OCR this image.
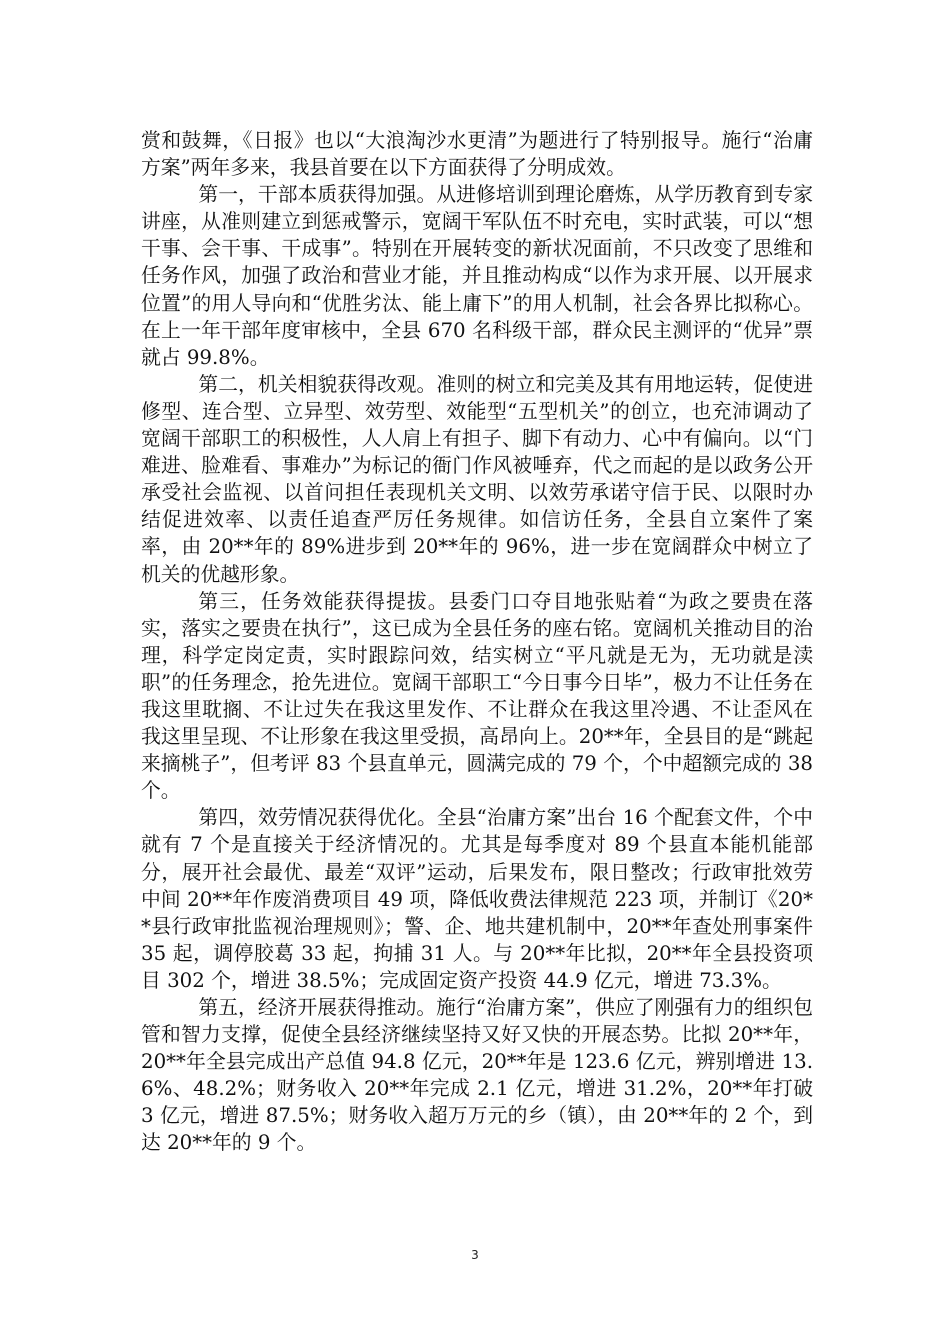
赏和鼓舞，《日报》也以“大浪淘沙水更清”为题进行了特别报导。施行“治庸方案”两年多来，我县首要在以下方面获得了分明成效。

第一，干部本质获得加强。从进修培训到理论磨炼，从学历教育到专家讲座，从准则建立到惩戒警示，宽阔干军队伍不时充电，实时武装，可以“想干事、会干事、干成事”。特别在开展转变的新状况面前，不只改变了思维和任务作风，加强了政治和营业才能，并且推动构成“以作为求开展、以开展求位置”的用人导向和“优胜劣汰、能上庸下”的用人机制，社会各界比拟称心。在上一年干部年度审核中，全县 670 名科级干部，群众民主测评的“优异”票就占 99.8%。

第二，机关相貌获得改观。准则的树立和完美及其有用地运转，促使进修型、连合型、立异型、效劳型、效能型“五型机关”的创立，也充沛调动了宽阔干部职工的积极性，人人肩上有担子、脚下有动力、心中有偏向。以“门难进、脸难看、事难办”为标记的衙门作风被唾弃，代之而起的是以政务公开承受社会监视、以首问担任表现机关文明、以效劳承诺守信于民、以限时办结促进效率、以责任追查严厉任务规律。如信访任务，全县自立案件了案率，由 20**年的 89%进步到 20**年的 96%，进一步在宽阔群众中树立了机关的优越形象。

第三，任务效能获得提拔。县委门口夺目地张贴着“为政之要贵在落实，落实之要贵在执行”，这已成为全县任务的座右铭。宽阔机关推动目的治理，科学定岗定责，实时跟踪问效，结实树立“平凡就是无为，无功就是渎职”的任务理念，抢先进位。宽阔干部职工“今日事今日毕”，极力不让任务在我这里耽搁、不让过失在我这里发作、不让群众在我这里冷遇、不让歪风在我这里呈现、不让形象在我这里受损，高昂向上。20**年，全县目的是“跳起来摘桃子”，但考评 83 个县直单元，圆满完成的 79 个，个中超额完成的 38 个。

第四，效劳情况获得优化。全县“治庸方案”出台 16 个配套文件，个中就有 7 个是直接关于经济情况的。尤其是每季度对 89 个县直本能机能部分，展开社会最优、最差“双评”运动，后果发布，限日整改；行政审批效劳中间 20**年作废消费项目 49 项，降低收费法律规范 223 项，并制订《20**县行政审批监视治理规则》；警、企、地共建机制中，20**年查处刑事案件 35 起，调停胶葛 33 起，拘捕 31 人。与 20**年比拟，20**年全县投资项目 302 个，增进 38.5%；完成固定资产投资 44.9 亿元，增进 73.3%。

第五，经济开展获得推动。施行“治庸方案”，供应了刚强有力的组织包管和智力支撑，促使全县经济继续坚持又好又快的开展态势。比拟 20**年，20**年全县完成出产总值 94.8 亿元，20**年是 123.6 亿元，辨别增进 13.6%、48.2%；财务收入 20**年完成 2.1 亿元，增进 31.2%，20**年打破 3 亿元，增进 87.5%；财务收入超万万元的乡（镇），由 20**年的 2 个，到达 20**年的 9 个。

3
